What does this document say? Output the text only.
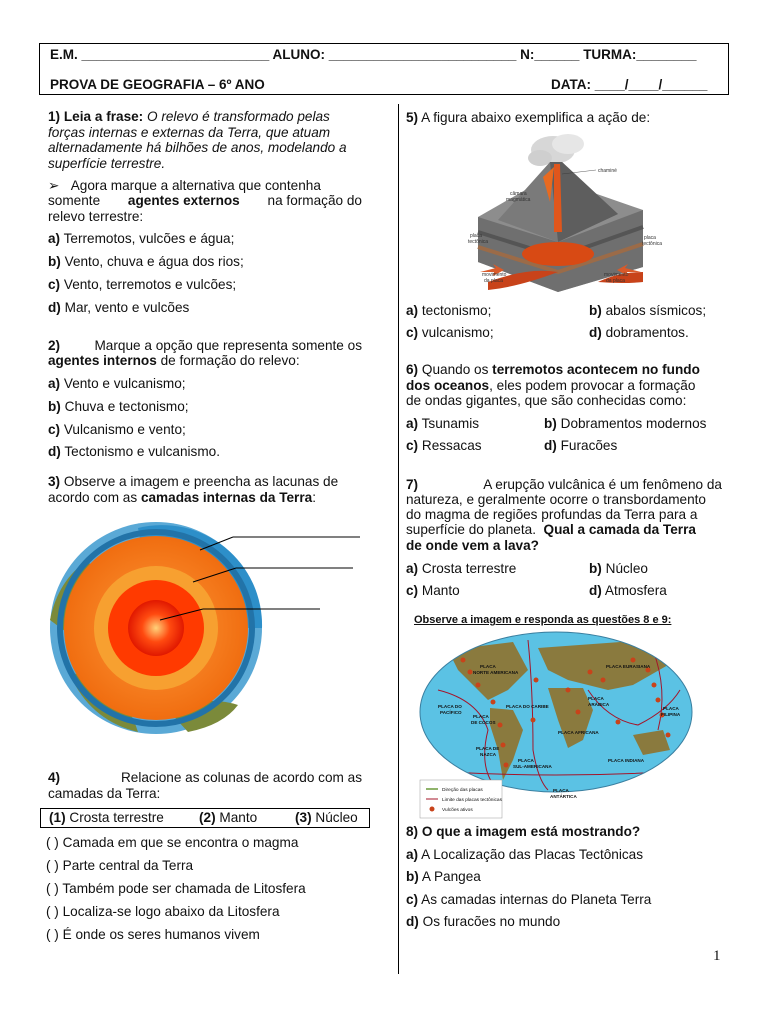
E.M. _________________________ ALUNO: _________________________ N:______ TURMA:________
PROVA DE GEOGRAFIA – 6º ANO	DATA: ____/____/______
1) Leia a frase: O relevo é transformado pelas
forças internas e externas da Terra, que atuam
alternadamente há bilhões de anos, modelando a
superfície terrestre.
➢ Agora marque a alternativa que contenha
somente agentes externos na formação do
relevo terrestre:
a) Terremotos, vulcões e água;
b) Vento, chuva e água dos rios;
c) Vento, terremotos e vulcões;
d) Mar, vento e vulcões
2)	Marque a opção que representa somente os
agentes internos de formação do relevo:
a) Vento e vulcanismo;
b) Chuva e tectonismo;
c) Vulcanismo e vento;
d) Tectonismo e vulcanismo.
3) Observe a imagem e preencha as lacunas de
acordo com as camadas internas da Terra:
4)	Relacione as colunas de acordo com as
camadas da Terra:
(1) Crosta terrestre	(2) Manto	(3) Núcleo
( ) Camada em que se encontra o magma
( ) Parte central da Terra
( ) Também pode ser chamada de Litosfera
( ) Localiza-se logo abaixo da Litosfera
( ) É onde os seres humanos vivem
5) A figura abaixo exemplifica a ação de:
chaminé
câmara
magmática
placa
tectônica
placa
tectônica
movimento
da placa
movimento
da placa
a) tectonismo;	b) abalos sísmicos;
c) vulcanismo;	d) dobramentos.
6) Quando os terremotos acontecem no fundo
dos oceanos, eles podem provocar a formação
de ondas gigantes, que são conhecidas como:
a) Tsunamis	b) Dobramentos modernos
c) Ressacas	d) Furacões
7)	A erupção vulcânica é um fenômeno da
natureza, e geralmente ocorre o transbordamento
do magma de regiões profundas da Terra para a
superfície do planeta. Qual a camada da Terra
de onde vem a lava?
a) Crosta terrestre	b) Núcleo
c) Manto	d) Atmosfera
Observe a imagem e responda as questões 8 e 9:
PLACA EURASIANA
PLACA
NORTE AMERICANA
PLACA DO
PACÍFICO
PLACA
DE COCOS
PLACA DO CARIBE
PLACA DE
NAZCA
PLACA
SUL-AMERICANA
PLACA AFRICANA
PLACA
ARÁBICA
PLACA INDIANA
PLACA
FILIPINA
PLACA
ANTÁRTICA
Direção das placas
Limite das placas tectônicas
Vulcões ativos
8) O que a imagem está mostrando?
a) A Localização das Placas Tectônicas
b) A Pangea
c) As camadas internas do Planeta Terra
d) Os furacões no mundo
1
